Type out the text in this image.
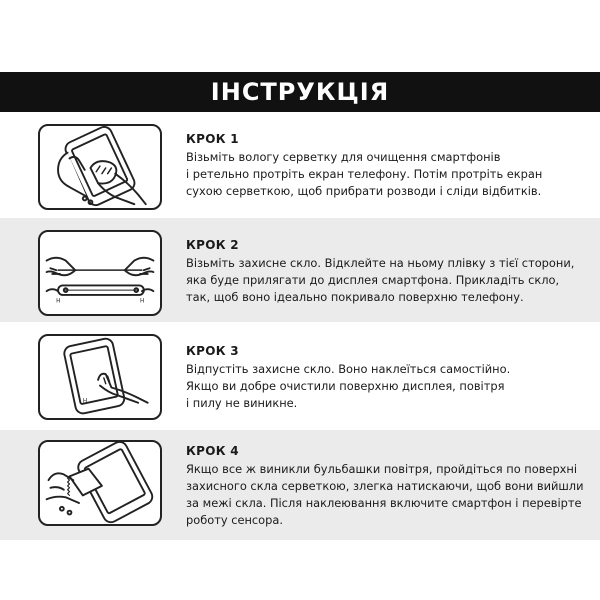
ІНСТРУКЦІЯ

КРОК 1

Візьміть вологу серветку для очищення смартфонів
і ретельно протріть екран телефону. Потім протріть екран
сухою серветкою, щоб прибрати розводи і сліди відбитків.

H	H

КРОК 2

Візьміть захисне скло. Відклейте на ньому плівку з тієї сторони,
яка буде прилягати до дисплея смартфона. Прикладіть скло,
так, щоб воно ідеально покривало поверхню телефону.

H

КРОК 3

Відпустіть захисне скло. Воно наклеїться самостійно.
Якщо ви добре очистили поверхню дисплея, повітря
і пилу не виникне.

КРОК 4

Якщо все ж виникли бульбашки повітря, пройдіться по поверхні
захисного скла серветкою, злегка натискаючи, щоб вони вийшли
за межі скла. Після наклеювання включите смартфон і перевірте
роботу сенсора.
